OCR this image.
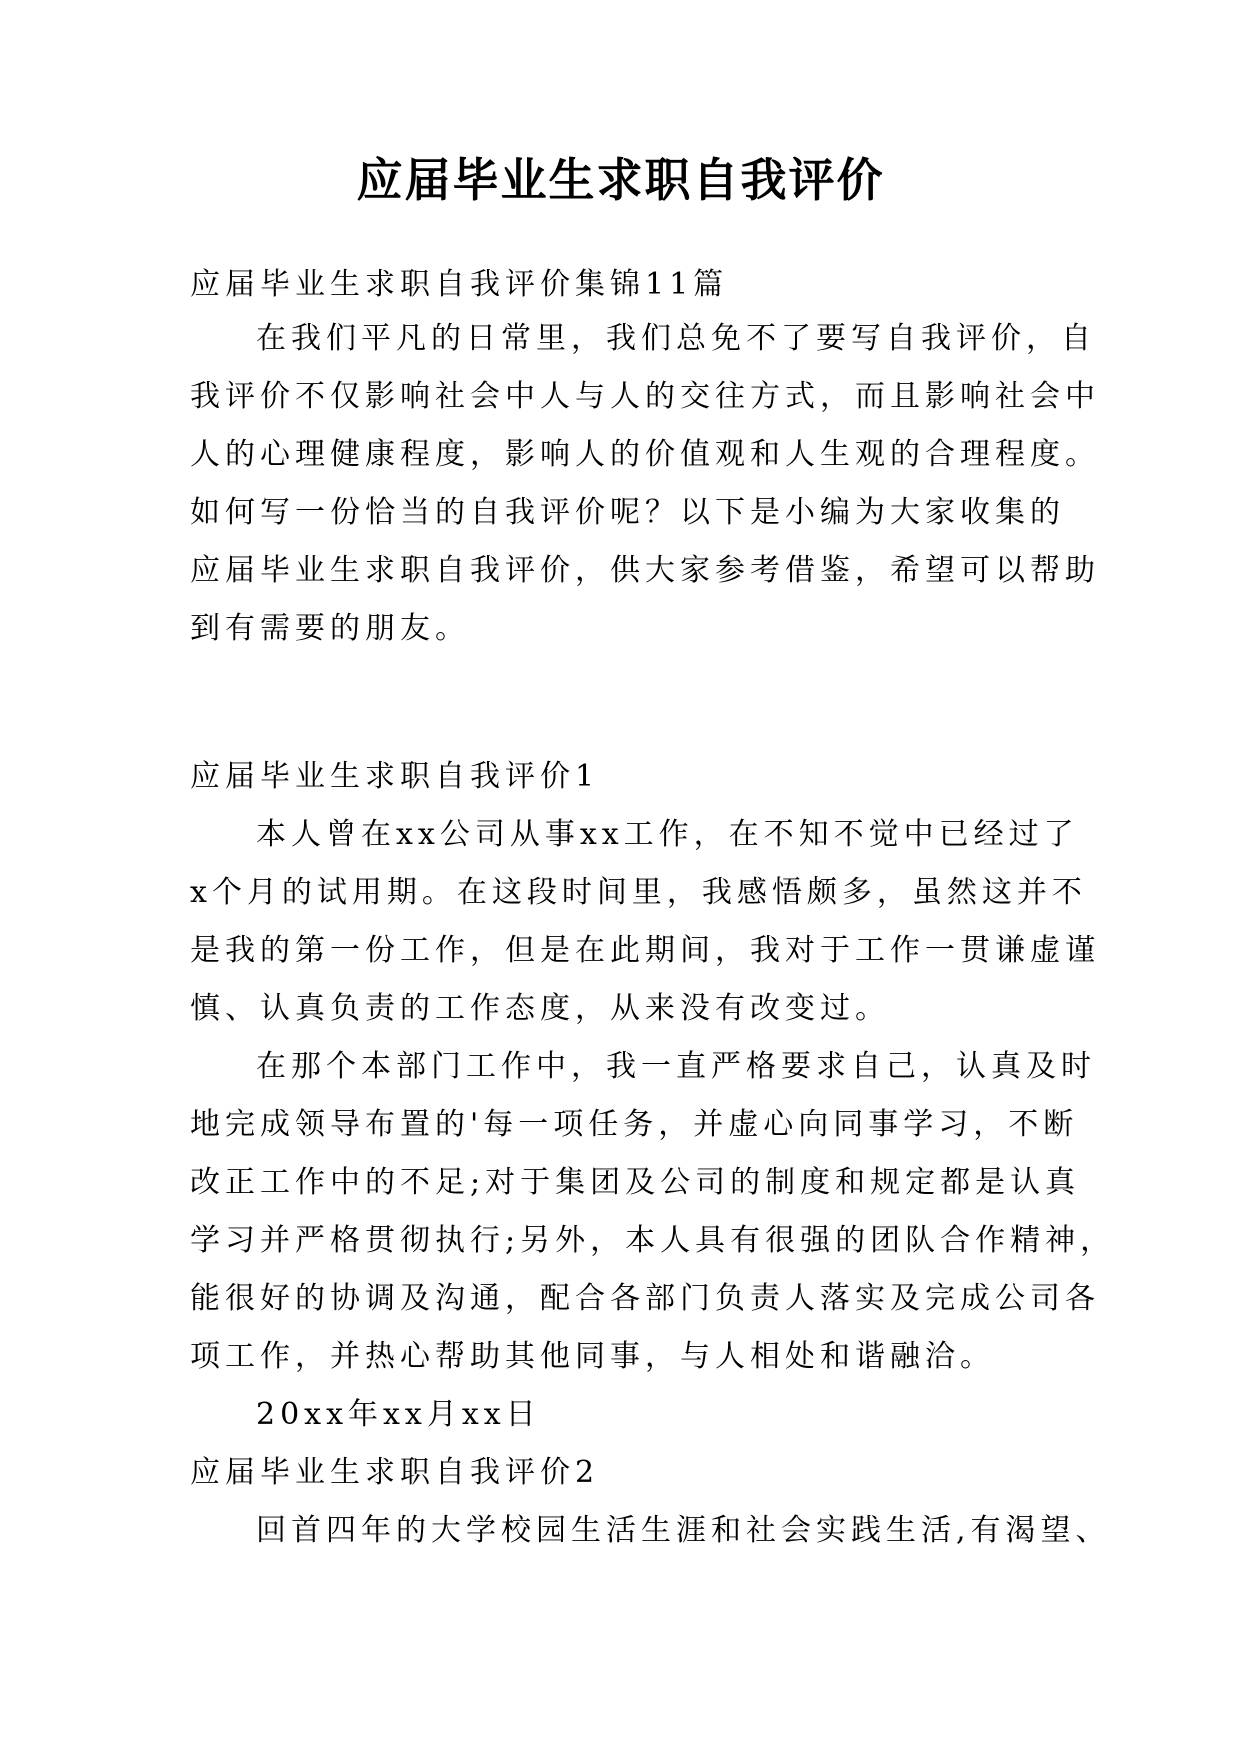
应届毕业生求职自我评价
应届毕业生求职自我评价集锦11篇
在我们平凡的日常里，我们总免不了要写自我评价，自
我评价不仅影响社会中人与人的交往方式，而且影响社会中
人的心理健康程度，影响人的价值观和人生观的合理程度。
如何写一份恰当的自我评价呢？以下是小编为大家收集的
应届毕业生求职自我评价，供大家参考借鉴，希望可以帮助
到有需要的朋友。
应届毕业生求职自我评价1
本人曾在xx公司从事xx工作，在不知不觉中已经过了
x个月的试用期。在这段时间里，我感悟颇多，虽然这并不
是我的第一份工作，但是在此期间，我对于工作一贯谦虚谨
慎、认真负责的工作态度，从来没有改变过。
在那个本部门工作中，我一直严格要求自己，认真及时
地完成领导布置的'每一项任务，并虚心向同事学习，不断
改正工作中的不足;对于集团及公司的制度和规定都是认真
学习并严格贯彻执行;另外，本人具有很强的团队合作精神，
能很好的协调及沟通，配合各部门负责人落实及完成公司各
项工作，并热心帮助其他同事，与人相处和谐融洽。
20xx年xx月xx日
应届毕业生求职自我评价2
回首四年的大学校园生活生涯和社会实践生活,有渴望、
